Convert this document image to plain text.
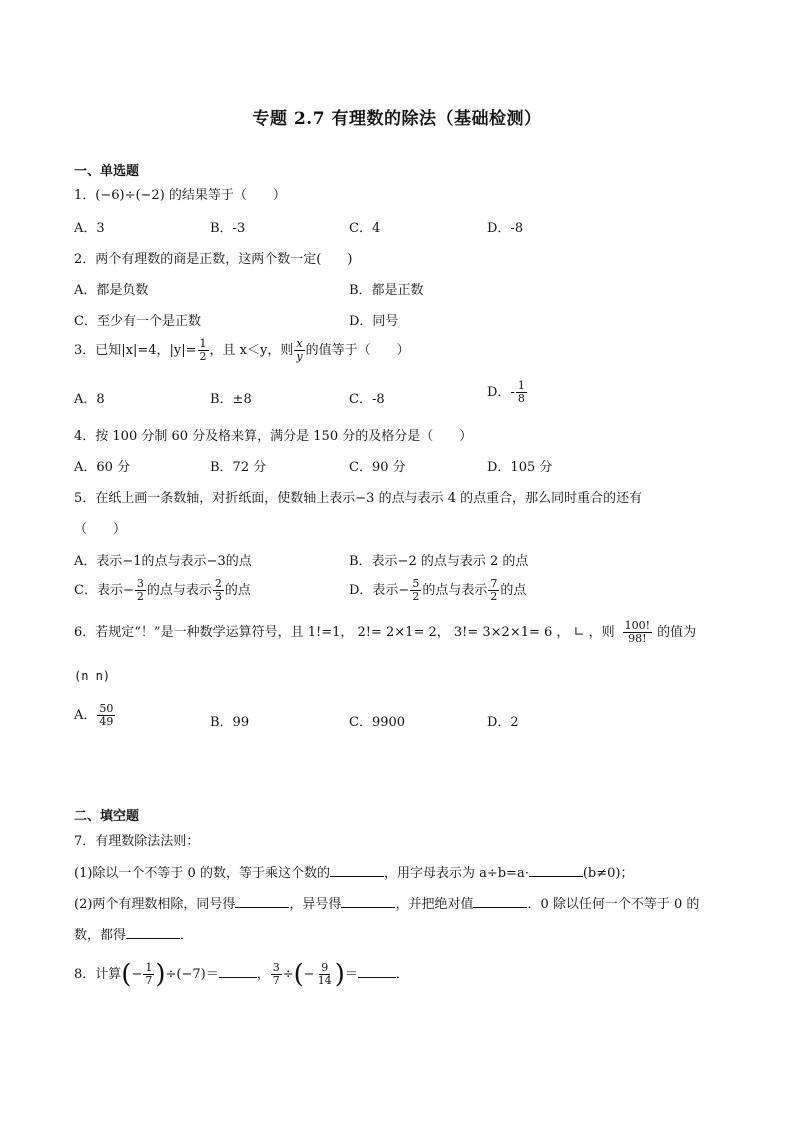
专题 2.7 有理数的除法（基础检测）
一、单选题
1．(−6)÷(−2) 的结果等于（　　）
A．3	B．-3	C．4	D．-8
2．两个有理数的商是正数，这两个数一定(　　)
A．都是负数	B．都是正数
C．至少有一个是正数	D．同号
3．已知|x|=4，$|y|= \frac{1}{2}$ ，且 x＜y，则 $\frac{x}{y}$ 的值等于（　　）
A．8	B．±8	C．-8	D．- $\frac{1}{8}$
4．按 100 分制 60 分及格来算，满分是 150 分的及格分是（　　）
A．60 分	B．72 分	C．90 分	D．105 分
5．在纸上画一条数轴，对折纸面，使数轴上表示−3 的点与表示 4 的点重合，那么同时重合的还有
（　　）
A．表示−1的点与表示−3的点	B．表示−2 的点与表示 2 的点
C．表示− $\frac{3}{2}$ 的点与表示 $\frac{2}{3}$ 的点	D．表示− $\frac{5}{2}$ 的点与表示 $\frac{7}{2}$ 的点
6．若规定“！”是一种数学运算符号，且 1!=1， 2!= 2×1= 2， 3!= 3×2×1= 6 ， ∟ ，则 $\frac{100!}{98!}$ 的值为
(n n)
A． $\frac{50}{49}$	B．99	C．9900	D．2
二、填空题
7．有理数除法法则：
(1)除以一个不等于 0 的数，等于乘这个数的	，用字母表示为 a÷b=a·	(b≠0)；
(2)两个有理数相除，同号得	，异号得	，并把绝对值	．0 除以任何一个不等于 0 的
数，都得	．
8．计算(− $\frac{1}{7} )\div(-7)=$	， $\frac{3}{7}$ ÷(− $\frac{9}{14}$ )＝	．
